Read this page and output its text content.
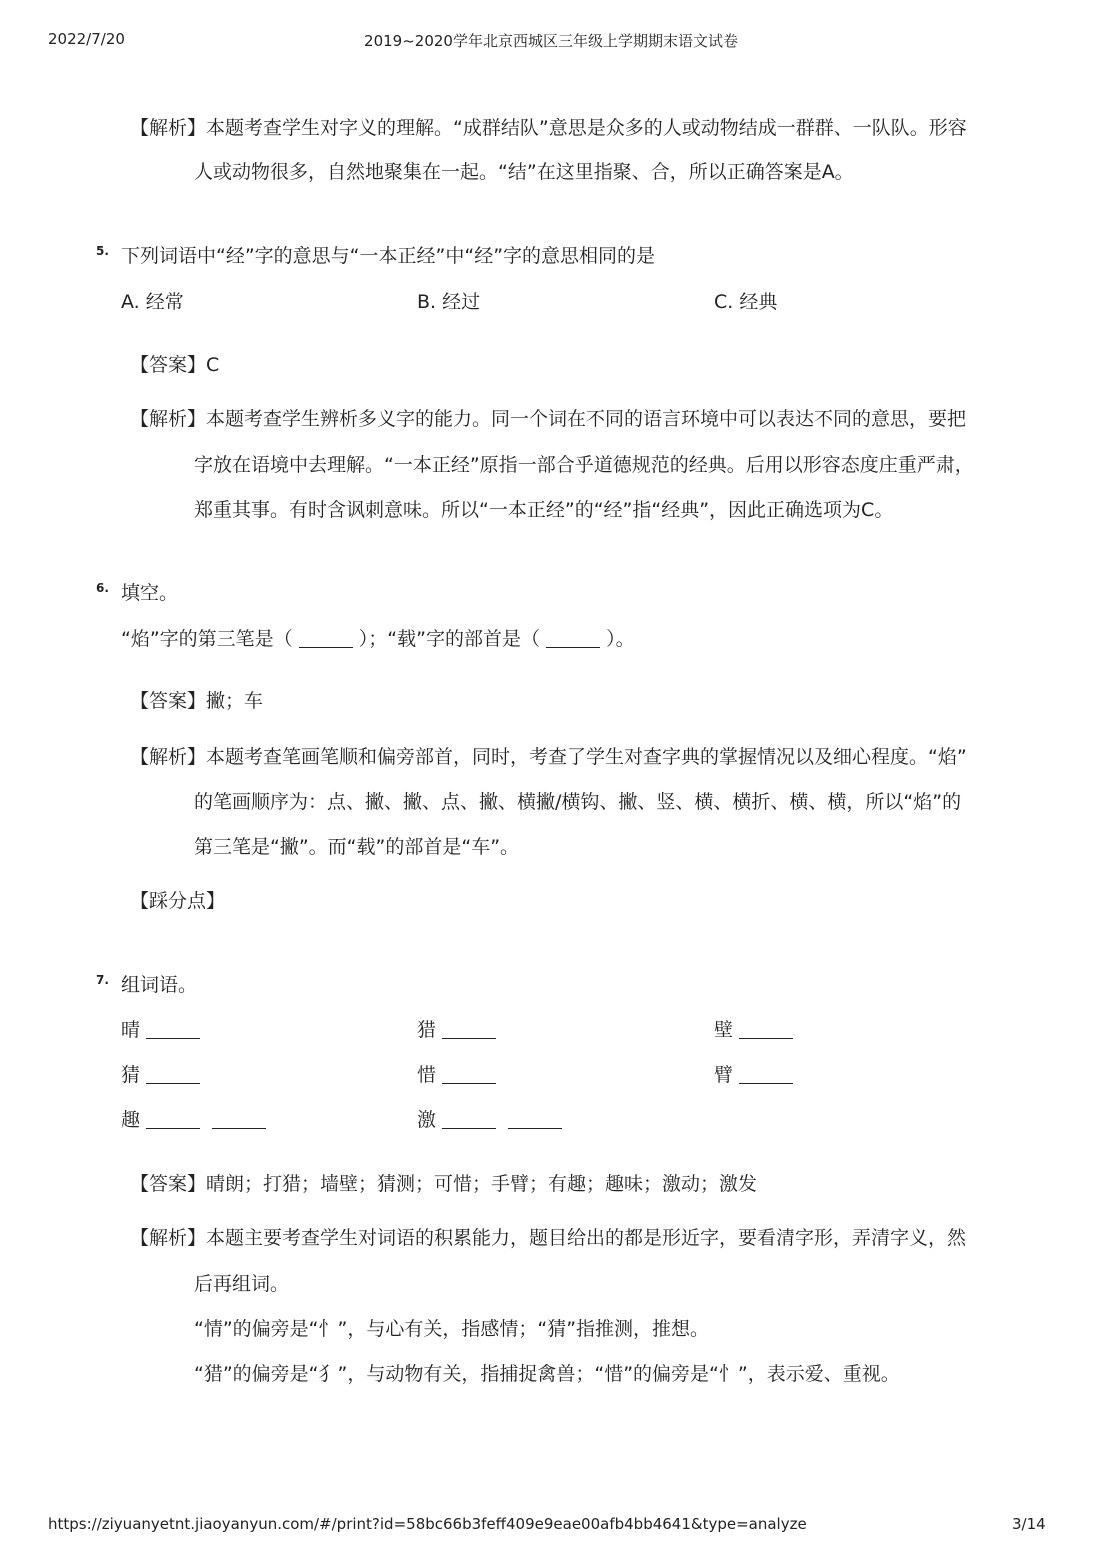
2022/7/20	2019~2020学年北京西城区三年级上学期期末语文试卷
【解析】本题考查学生对字义的理解。“成群结队”意思是众多的人或动物结成一群群、一队队。形容
人或动物很多，自然地聚集在一起。“结”在这里指聚、合，所以正确答案是A。
5. 下列词语中“经”字的意思与“一本正经”中“经”字的意思相同的是
A. 经常	B. 经过	C. 经典
【答案】C
【解析】本题考查学生辨析多义字的能力。同一个词在不同的语言环境中可以表达不同的意思，要把
字放在语境中去理解。“一本正经”原指一部合乎道德规范的经典。后用以形容态度庄重严肃，
郑重其事。有时含讽刺意味。所以“一本正经”的“经”指“经典”，因此正确选项为C。
6. 填空。
“焰”字的第三笔是（	）；“载”字的部首是（	）。
【答案】撇；车
【解析】本题考查笔画笔顺和偏旁部首，同时，考查了学生对查字典的掌握情况以及细心程度。“焰”
的笔画顺序为：点、撇、撇、点、撇、横撇/横钩、撇、竖、横、横折、横、横，所以“焰”的
第三笔是“撇”。而“载”的部首是“车”。
【踩分点】
7. 组词语。
晴	猎	壁
猜	惜	臂
趣	激
【答案】晴朗；打猎；墙壁；猜测；可惜；手臂；有趣；趣味；激动；激发
【解析】本题主要考查学生对词语的积累能力，题目给出的都是形近字，要看清字形，弄清字义，然
后再组词。
“情”的偏旁是“忄”，与心有关，指感情；“猜”指推测，推想。
“猎”的偏旁是“犭”，与动物有关，指捕捉禽兽；“惜”的偏旁是“忄”，表示爱、重视。
https://ziyuanyetnt.jiaoyanyun.com/#/print?id=58bc66b3feff409e9eae00afb4bb4641&type=analyze	3/14
